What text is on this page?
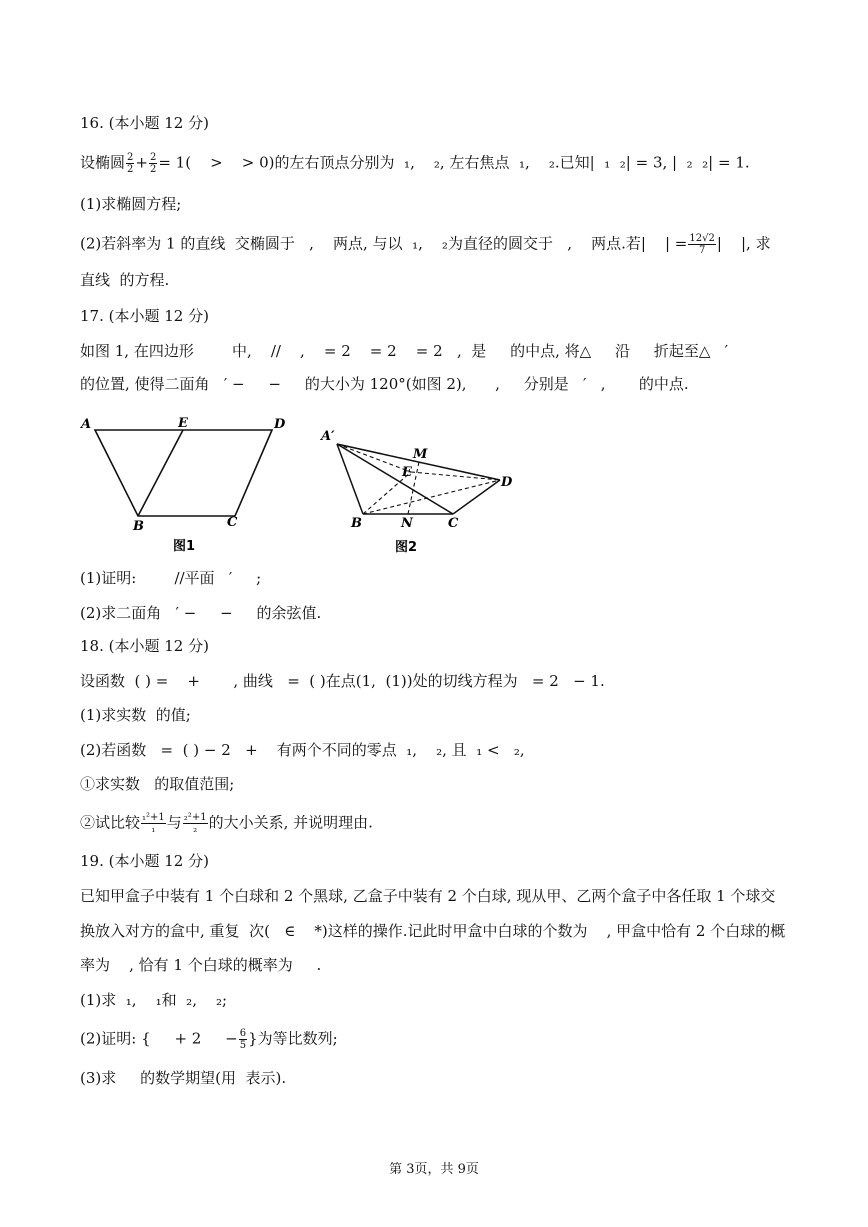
16. (本小题 12 分)
设椭圆 $\frac{2}{2} + \frac{2}{2} = 1$(    >    > 0)的左右顶点分别为  ₁,    ₂, 左右焦点  ₁,    ₂.已知|  ₁  ₂| = 3, |  ₂  ₂| = 1.
(1)求椭圆方程;
(2)若斜率为 1 的直线  交椭圆于   ,    两点, 与以  ₁,    ₂为直径的圆交于   ,    两点.若|    | = $\frac{12√2}{7}$ |    |, 求
直线  的方程.
17. (本小题 12 分)
如图 1, 在四边形        中,    //    ,    = 2    = 2    = 2   ,  是     的中点, 将△     沿     折起至△   ′
的位置, 使得二面角   ′ −     −     的大小为 120°(如图 2),      ,     分别是   ′   ,       的中点.
A	E	D
B	C
图1
A′
M
E
D
B	N	C
图2
(1)证明:        //平面   ′     ;
(2)求二面角   ′ −     −     的余弦值.
18. (本小题 12 分)
设函数  ( ) =    +       , 曲线   =  ( )在点(1,  (1))处的切线方程为   = 2   − 1.
(1)求实数  的值;
(2)若函数   =  ( ) − 2   +    有两个不同的零点  ₁,    ₂, 且  ₁ <   ₂,
①求实数   的取值范围;
②试比较 $\frac{\text{₁²+1}}{\text{₁}}$ 与 $\frac{\text{₂²+1}}{\text{₂}}$ 的大小关系, 并说明理由.
19. (本小题 12 分)
已知甲盒子中装有 1 个白球和 2 个黑球, 乙盒子中装有 2 个白球, 现从甲、乙两个盒子中各任取 1 个球交
换放入对方的盒中, 重复  次(   ∈    *)这样的操作.记此时甲盒中白球的个数为    , 甲盒中恰有 2 个白球的概
率为    , 恰有 1 个白球的概率为     .
(1)求  ₁,    ₁和  ₂,    ₂;
(2)证明: {     + 2     − $\frac{6}{5}$ }为等比数列;
(3)求     的数学期望(用  表示).
第 3页，共 9页
